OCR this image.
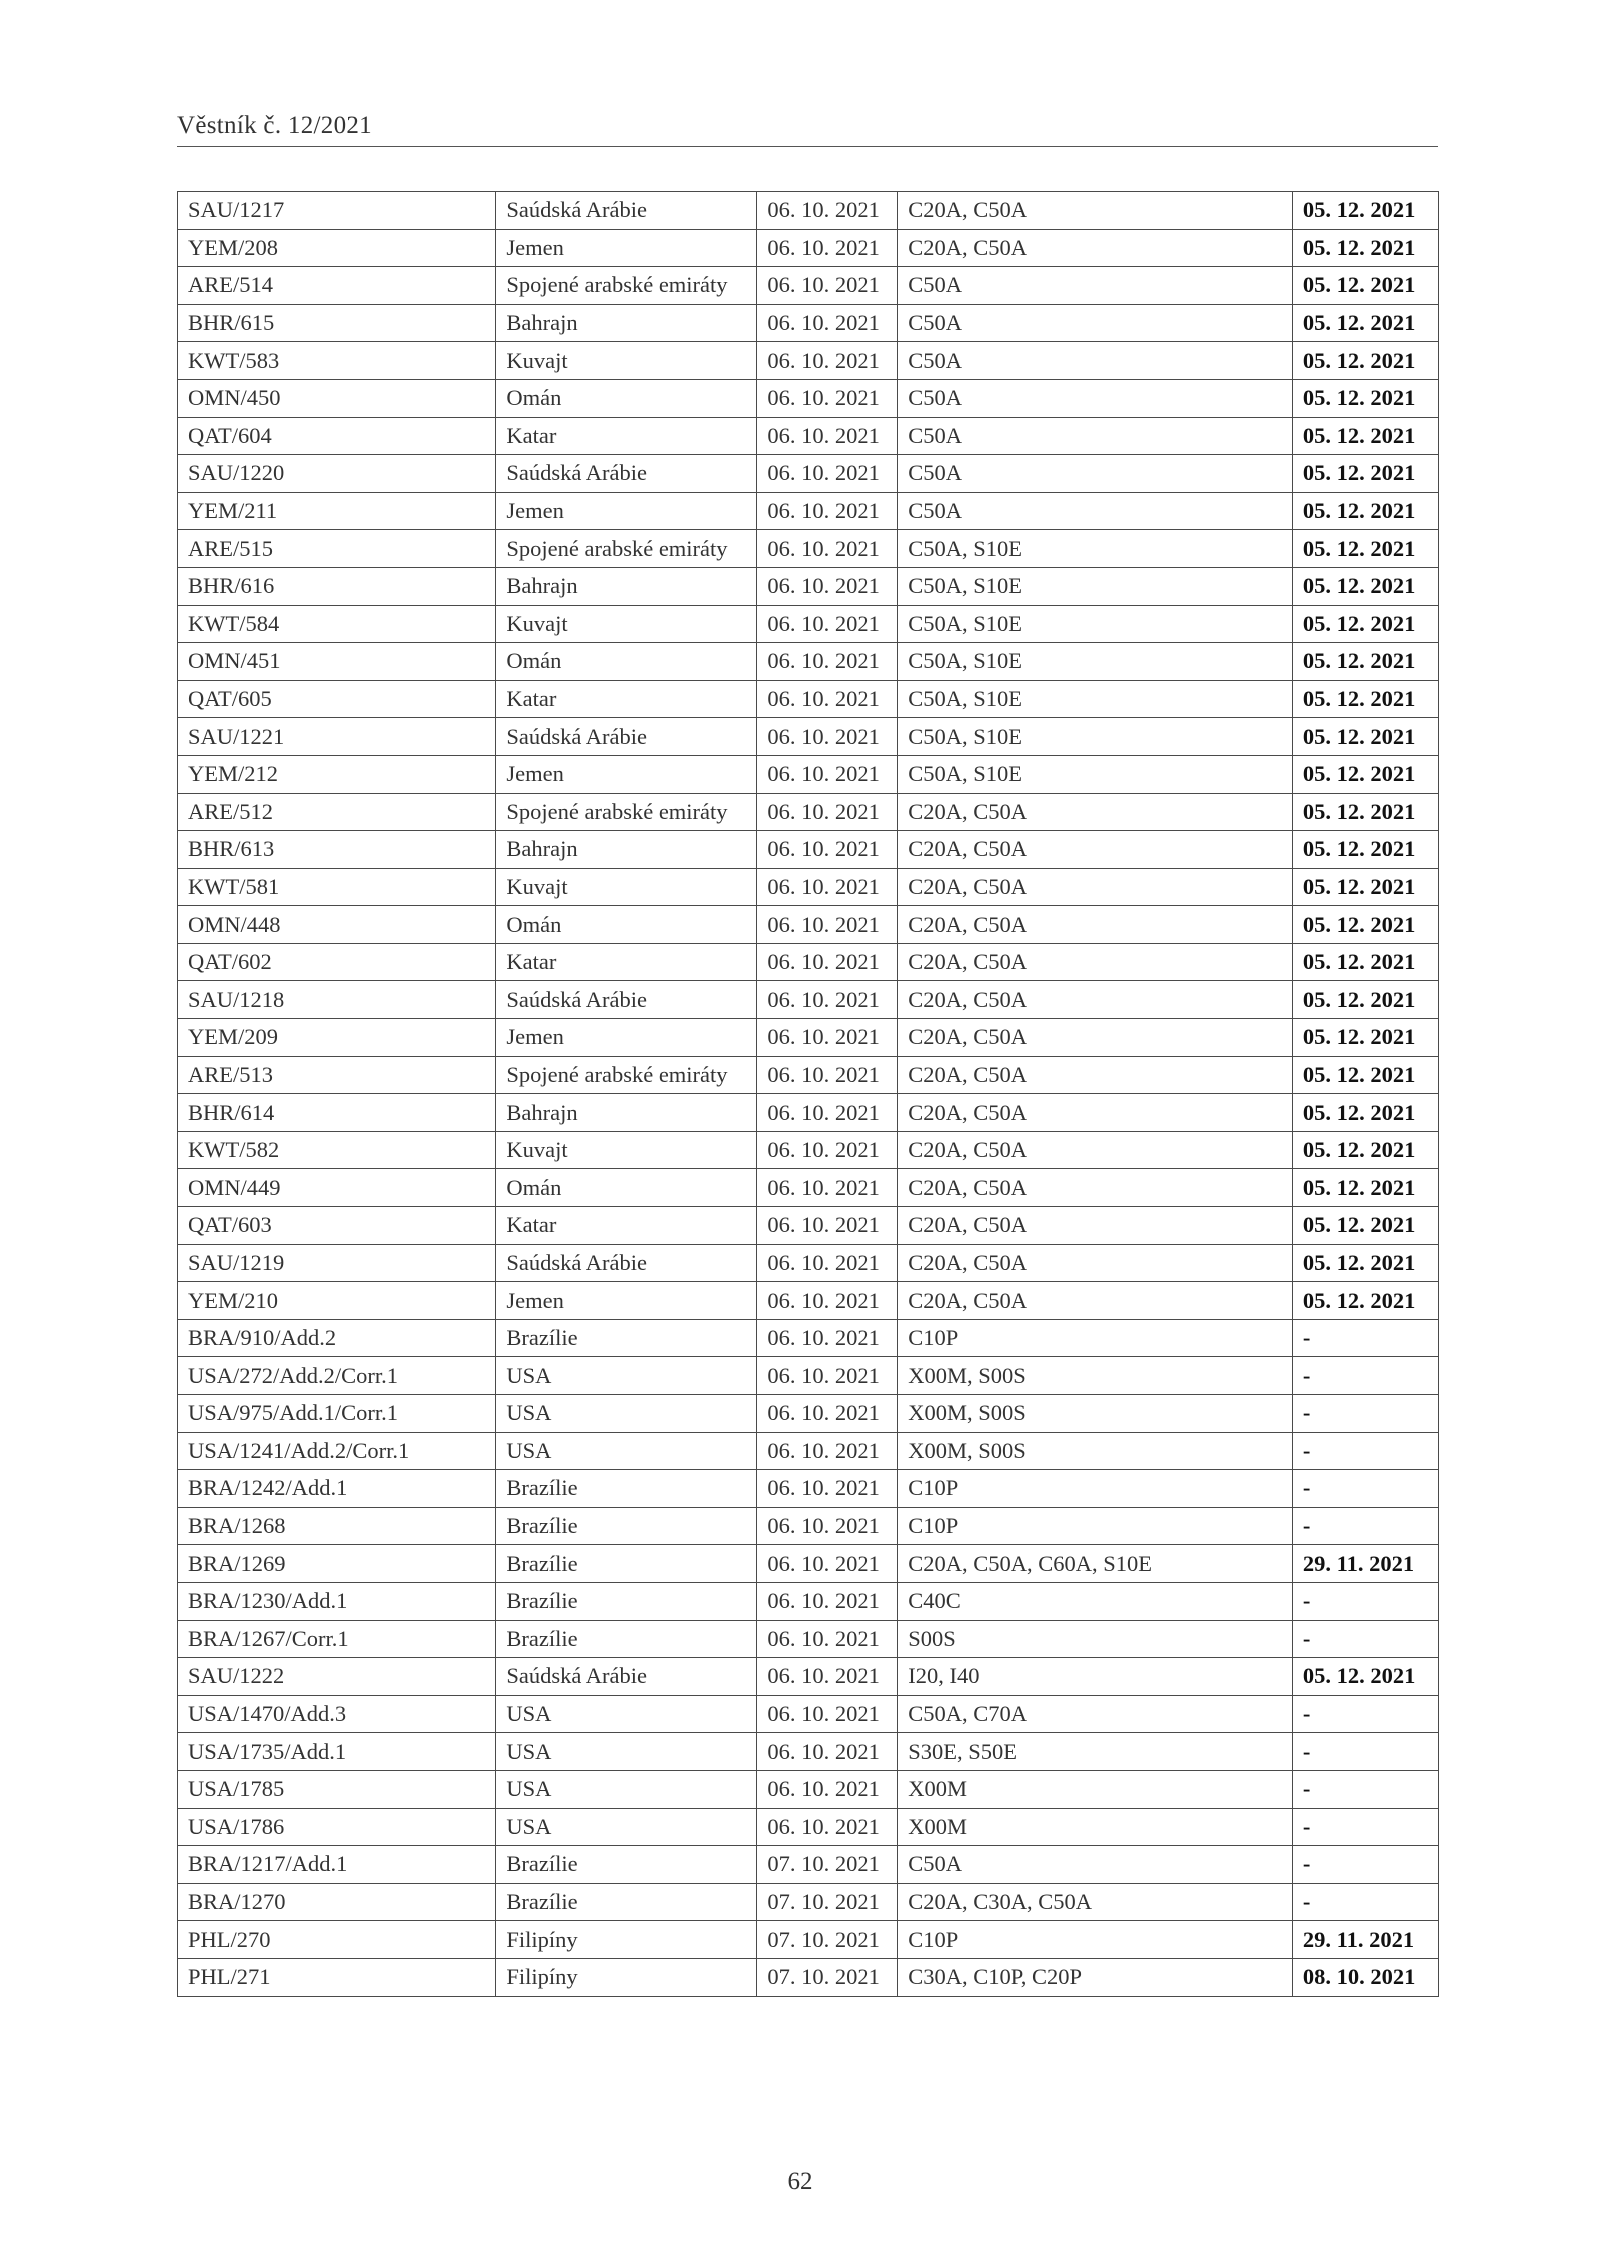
Věstník č. 12/2021
SAU/1217	Saúdská Arábie	06. 10. 2021	C20A, C50A	05. 12. 2021
YEM/208	Jemen	06. 10. 2021	C20A, C50A	05. 12. 2021
ARE/514	Spojené arabské emiráty	06. 10. 2021	C50A	05. 12. 2021
BHR/615	Bahrajn	06. 10. 2021	C50A	05. 12. 2021
KWT/583	Kuvajt	06. 10. 2021	C50A	05. 12. 2021
OMN/450	Omán	06. 10. 2021	C50A	05. 12. 2021
QAT/604	Katar	06. 10. 2021	C50A	05. 12. 2021
SAU/1220	Saúdská Arábie	06. 10. 2021	C50A	05. 12. 2021
YEM/211	Jemen	06. 10. 2021	C50A	05. 12. 2021
ARE/515	Spojené arabské emiráty	06. 10. 2021	C50A, S10E	05. 12. 2021
BHR/616	Bahrajn	06. 10. 2021	C50A, S10E	05. 12. 2021
KWT/584	Kuvajt	06. 10. 2021	C50A, S10E	05. 12. 2021
OMN/451	Omán	06. 10. 2021	C50A, S10E	05. 12. 2021
QAT/605	Katar	06. 10. 2021	C50A, S10E	05. 12. 2021
SAU/1221	Saúdská Arábie	06. 10. 2021	C50A, S10E	05. 12. 2021
YEM/212	Jemen	06. 10. 2021	C50A, S10E	05. 12. 2021
ARE/512	Spojené arabské emiráty	06. 10. 2021	C20A, C50A	05. 12. 2021
BHR/613	Bahrajn	06. 10. 2021	C20A, C50A	05. 12. 2021
KWT/581	Kuvajt	06. 10. 2021	C20A, C50A	05. 12. 2021
OMN/448	Omán	06. 10. 2021	C20A, C50A	05. 12. 2021
QAT/602	Katar	06. 10. 2021	C20A, C50A	05. 12. 2021
SAU/1218	Saúdská Arábie	06. 10. 2021	C20A, C50A	05. 12. 2021
YEM/209	Jemen	06. 10. 2021	C20A, C50A	05. 12. 2021
ARE/513	Spojené arabské emiráty	06. 10. 2021	C20A, C50A	05. 12. 2021
BHR/614	Bahrajn	06. 10. 2021	C20A, C50A	05. 12. 2021
KWT/582	Kuvajt	06. 10. 2021	C20A, C50A	05. 12. 2021
OMN/449	Omán	06. 10. 2021	C20A, C50A	05. 12. 2021
QAT/603	Katar	06. 10. 2021	C20A, C50A	05. 12. 2021
SAU/1219	Saúdská Arábie	06. 10. 2021	C20A, C50A	05. 12. 2021
YEM/210	Jemen	06. 10. 2021	C20A, C50A	05. 12. 2021
BRA/910/Add.2	Brazílie	06. 10. 2021	C10P	-
USA/272/Add.2/Corr.1	USA	06. 10. 2021	X00M, S00S	-
USA/975/Add.1/Corr.1	USA	06. 10. 2021	X00M, S00S	-
USA/1241/Add.2/Corr.1	USA	06. 10. 2021	X00M, S00S	-
BRA/1242/Add.1	Brazílie	06. 10. 2021	C10P	-
BRA/1268	Brazílie	06. 10. 2021	C10P	-
BRA/1269	Brazílie	06. 10. 2021	C20A, C50A, C60A, S10E	29. 11. 2021
BRA/1230/Add.1	Brazílie	06. 10. 2021	C40C	-
BRA/1267/Corr.1	Brazílie	06. 10. 2021	S00S	-
SAU/1222	Saúdská Arábie	06. 10. 2021	I20, I40	05. 12. 2021
USA/1470/Add.3	USA	06. 10. 2021	C50A, C70A	-
USA/1735/Add.1	USA	06. 10. 2021	S30E, S50E	-
USA/1785	USA	06. 10. 2021	X00M	-
USA/1786	USA	06. 10. 2021	X00M	-
BRA/1217/Add.1	Brazílie	07. 10. 2021	C50A	-
BRA/1270	Brazílie	07. 10. 2021	C20A, C30A, C50A	-
PHL/270	Filipíny	07. 10. 2021	C10P	29. 11. 2021
PHL/271	Filipíny	07. 10. 2021	C30A, C10P, C20P	08. 10. 2021
62
